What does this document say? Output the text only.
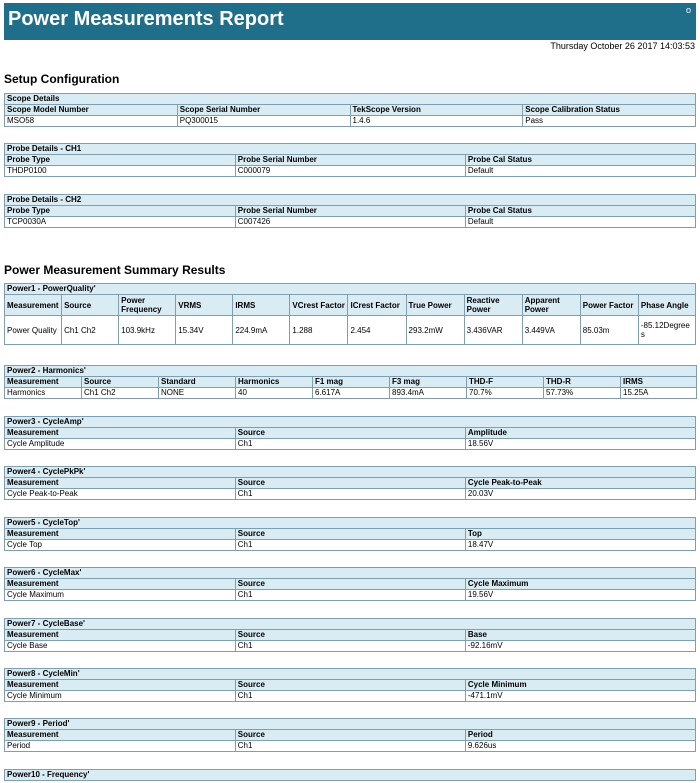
Power Measurements Report	o
Thursday October 26 2017 14:03:53
Setup Configuration
Scope Details			
Scope Model Number	Scope Serial Number	TekScope Version	Scope Calibration Status
MSO58	PQ300015	1.4.6	Pass
Probe Details - CH1		
Probe Type	Probe Serial Number	Probe Cal Status
THDP0100	C000079	Default
Probe Details - CH2		
Probe Type	Probe Serial Number	Probe Cal Status
TCP0030A	C007426	Default
Power Measurement Summary Results
Power1 - PowerQuality'											
Measurement	Source	Power Frequency	VRMS	IRMS	VCrest Factor	ICrest Factor	True Power	Reactive Power	Apparent Power	Power Factor	Phase Angle
Power Quality	Ch1 Ch2	103.9kHz	15.34V	224.9mA	1.288	2.454	293.2mW	3.436VAR	3.449VA	85.03m	-85.12Degrees
Power2 - Harmonics'								
Measurement	Source	Standard	Harmonics	F1 mag	F3 mag	THD-F	THD-R	IRMS
Harmonics	Ch1 Ch2	NONE	40	6.617A	893.4mA	70.7%	57.73%	15.25A
Power3 - CycleAmp'		
Measurement	Source	Amplitude
Cycle Amplitude	Ch1	18.56V
Power4 - CyclePkPk'		
Measurement	Source	Cycle Peak-to-Peak
Cycle Peak-to-Peak	Ch1	20.03V
Power5 - CycleTop'		
Measurement	Source	Top
Cycle Top	Ch1	18.47V
Power6 - CycleMax'		
Measurement	Source	Cycle Maximum
Cycle Maximum	Ch1	19.56V
Power7 - CycleBase'		
Measurement	Source	Base
Cycle Base	Ch1	-92.16mV
Power8 - CycleMin'		
Measurement	Source	Cycle Minimum
Cycle Minimum	Ch1	-471.1mV
Power9 - Period'		
Measurement	Source	Period
Period	Ch1	9.626us
Power10 - Frequency'
